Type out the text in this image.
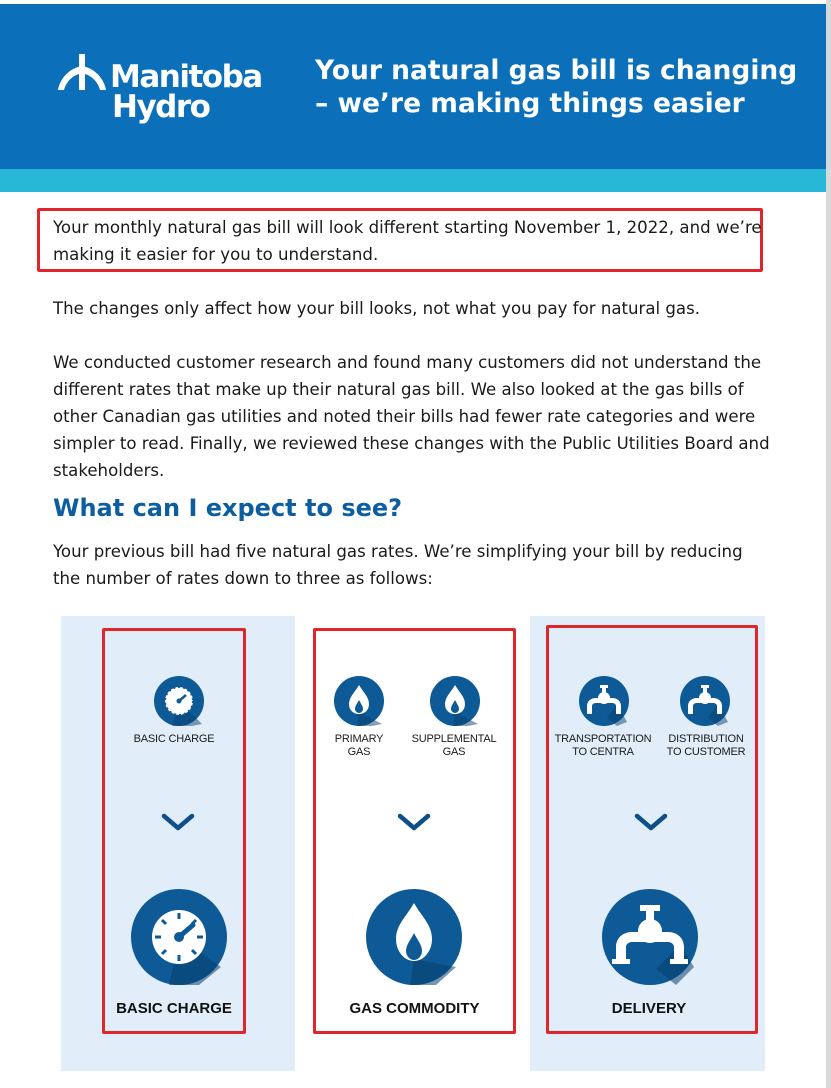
Manitoba
Hydro
Your natural gas bill is changing – we’re making things easier
Your monthly natural gas bill will look different starting November 1, 2022, and we’re making it easier for you to understand.
The changes only affect how your bill looks, not what you pay for natural gas.
We conducted customer research and found many customers did not understand the different rates that make up their natural gas bill. We also looked at the gas bills of other Canadian gas utilities and noted their bills had fewer rate categories and were simpler to read. Finally, we reviewed these changes with the Public Utilities Board and stakeholders.
What can I expect to see?
Your previous bill had five natural gas rates. We’re simplifying your bill by reducing the number of rates down to three as follows:
BASIC CHARGE
BASIC CHARGE
PRIMARY
GAS
SUPPLEMENTAL
GAS
GAS COMMODITY
TRANSPORTATION
TO CENTRA
DISTRIBUTION
TO CUSTOMER
DELIVERY
